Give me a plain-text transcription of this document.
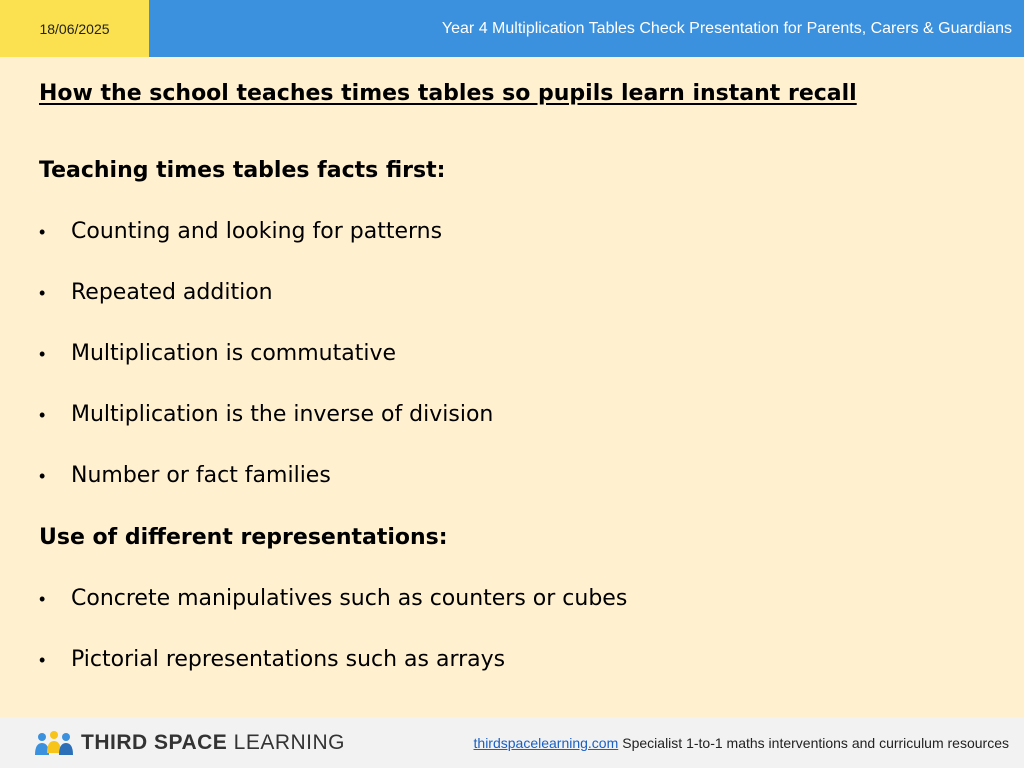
18/06/2025	Year 4 Multiplication Tables Check Presentation for Parents, Carers & Guardians
How the school teaches times tables so pupils learn instant recall
Teaching times tables facts first:
• Counting and looking for patterns
• Repeated addition
• Multiplication is commutative
• Multiplication is the inverse of division
• Number or fact families
Use of different representations:
• Concrete manipulatives such as counters or cubes
• Pictorial representations such as arrays
THIRD SPACE LEARNING	thirdspacelearning.com Specialist 1-to-1 maths interventions and curriculum resources
